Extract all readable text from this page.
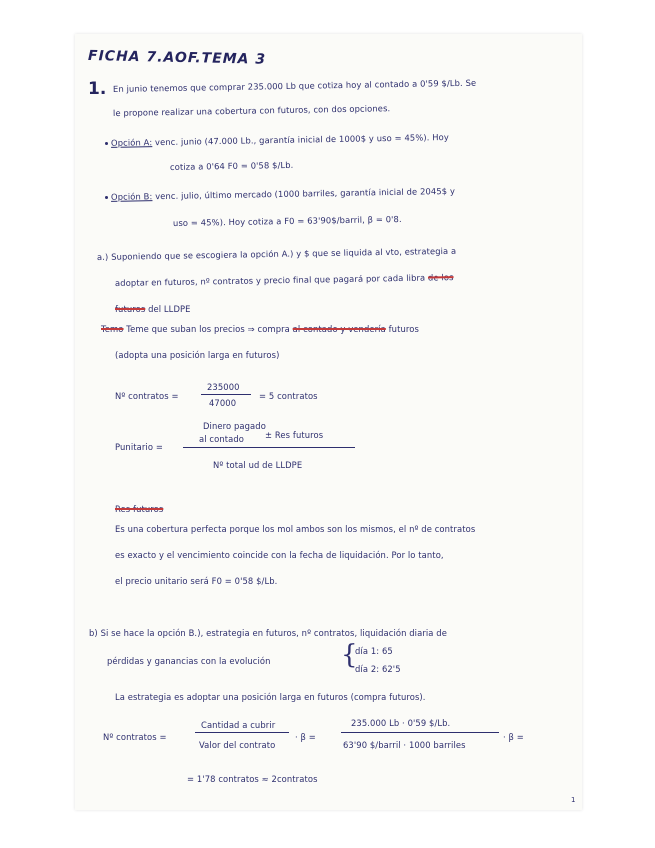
FICHA 7.AOF.TEMA 3
1. En junio tenemos que comprar 235.000 Lb que cotiza hoy al contado a 0'59 $/Lb. Se
le propone realizar una cobertura con futuros, con dos opciones.
Opción A: venc. junio (47.000 Lb., garantía inicial de 1000$ y uso = 45%). Hoy
cotiza a 0'64 F0 = 0'58 $/Lb.
Opción B: venc. julio, último mercado (1000 barriles, garantía inicial de 2045$ y
uso = 45%). Hoy cotiza a F0 = 63'90$/barril, β = 0'8.
a.) Suponiendo que se escogiera la opción A.) y $ que se liquida al vto, estrategia a
adoptar en futuros, nº contratos y precio final que pagará por cada libra de los
futuros del LLDPE
Temo Teme que suban los precios ⇒ compra al contado y vendería futuros
(adopta una posición larga en futuros)
Nº contratos =
235000
47000
= 5 contratos
Punitario =
Dinero pagado
al contado ± Res futuros
Nº total ud de LLDPE
Res futuros
Es una cobertura perfecta porque los mol ambos son los mismos, el nº de contratos
es exacto y el vencimiento coincide con la fecha de liquidación. Por lo tanto,
el precio unitario será F0 = 0'58 $/Lb.
b) Si se hace la opción B.), estrategia en futuros, nº contratos, liquidación diaria de
pérdidas y ganancias con la evolución	{
día 1: 65
día 2: 62'5
La estrategia es adoptar una posición larga en futuros (compra futuros).
Nº contratos =
Cantidad a cubrir
Valor del contrato
· β =
235.000 Lb · 0'59 $/Lb.
63'90 $/barril · 1000 barriles
· β =
= 1'78 contratos ≈ 2contratos
1
